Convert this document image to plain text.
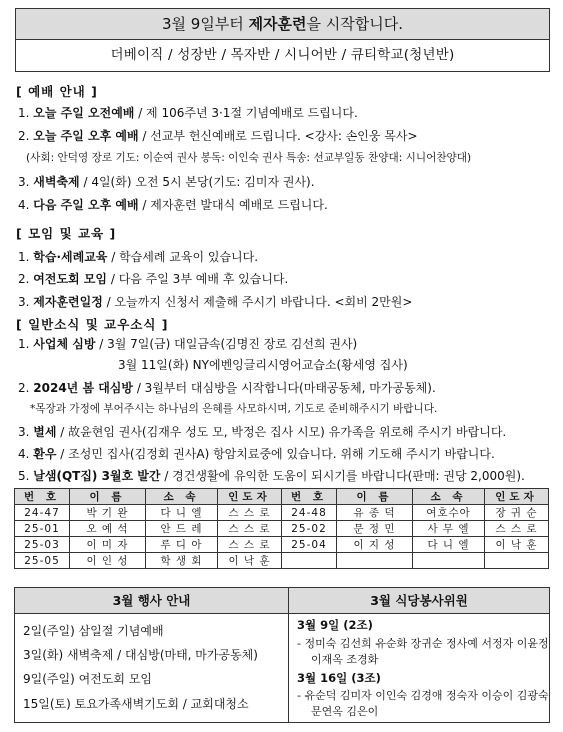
3월 9일부터 제자훈련을 시작합니다.
더베이직 / 성장반 / 목자반 / 시니어반 / 큐티학교(청년반)
[ 예배 안내 ]
1. 오늘 주일 오전예배 / 제 106주년 3·1절 기념예배로 드립니다.
2. 오늘 주일 오후 예배 / 선교부 헌신예배로 드립니다. <강사: 손인웅 목사>
(사회: 안덕영 장로 기도: 이순여 권사 봉독: 이인숙 권사 특송: 선교부일동 찬양대: 시니어찬양대)
3. 새벽축제 / 4일(화) 오전 5시 본당(기도: 김미자 권사).
4. 다음 주일 오후 예배 / 제자훈련 발대식 예배로 드립니다.
[ 모임 및 교육 ]
1. 학습·세례교육 / 학습세례 교육이 있습니다.
2. 여전도회 모임 / 다음 주일 3부 예배 후 있습니다.
3. 제자훈련일정 / 오늘까지 신청서 제출해 주시기 바랍니다. <회비 2만원>
[ 일반소식 및 교우소식 ]
1. 사업체 심방 / 3월 7일(금) 대일금속(김명진 장로 김선희 권사)
3월 11일(화) NY에벤잉글리시영어교습소(황세영 집사)
2. 2024년 봄 대심방 / 3월부터 대심방을 시작합니다(마태공동체, 마가공동체).
*목장과 가정에 부어주시는 하나님의 은혜를 사모하시며, 기도로 준비해주시기 바랍니다.
3. 별세 / 故윤현임 권사(김재우 성도 모, 박정은 집사 시모) 유가족을 위로해 주시기 바랍니다.
4. 환우 / 조성민 집사(김정회 권사A) 항암치료중에 있습니다. 위해 기도해 주시기 바랍니다.
5. 날샘(QT집) 3월호 발간 / 경건생활에 유익한 도움이 되시기를 바랍니다(판매: 권당 2,000원).
번 호	이 름	소 속	인도자	번 호	이 름	소 속	인도자
24-47	박 기 완	다 니 엘	스 스 로	24-48	유 종 덕	여호수아	장 귀 순
25-01	오 예 석	안 드 레	스 스 로	25-02	문 정 민	사 무 엘	스 스 로
25-03	이 미 자	루 디 아	스 스 로	25-04	이 지 성	다 니 엘	이 낙 훈
25-05	이 인 성	학 생 회	이 낙 훈				
3월 행사 안내
2일(주일) 삼일절 기념예배
3일(화) 새벽축제 / 대심방(마태, 마가공동체)
9일(주일) 여전도회 모임
15일(토) 토요가족새벽기도회 / 교회대청소
3월 식당봉사위원
3월 9일 (2조)
- 정미숙 김선희 유순화 장귀순 정사예 서정자 이윤정
이재옥 조경화
3월 16일 (3조)
- 유순덕 김미자 이인숙 김경애 정숙자 이승이 김광숙
문연옥 김은이
